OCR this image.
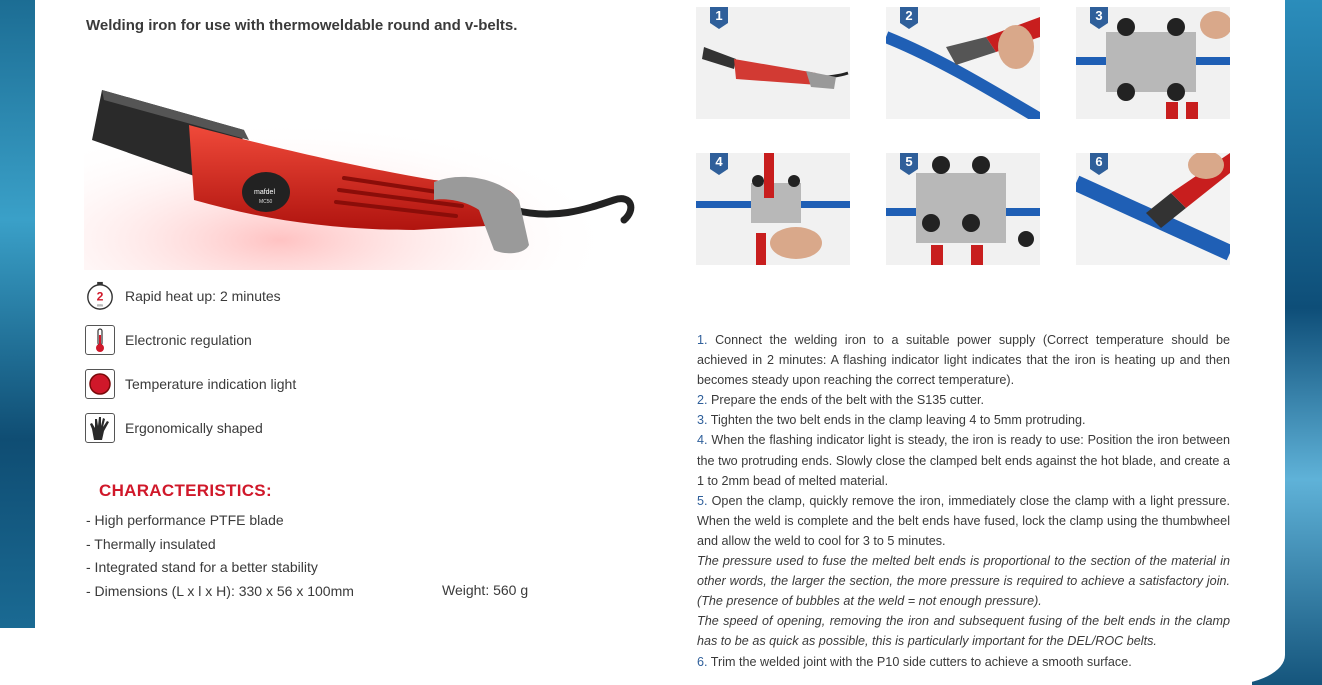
Welding iron for use with thermoweldable round and v-belts.
mafdel
MC50
2
min
Rapid heat up: 2 minutes
Electronic regulation
Temperature indication light
Ergonomically shaped
CHARACTERISTICS:
- High performance PTFE blade
- Thermally insulated
- Integrated stand for a better stability
- Dimensions (L x l x H): 330 x 56 x 100mm	Weight: 560 g
1	2	3
4	5	6

1. Connect the welding iron to a suitable power supply (Correct temperature should be achieved in 2 minutes: A flashing indicator light indicates that the iron is heating up and then becomes steady upon reaching the correct temperature).

2. Prepare the ends of the belt with the S135 cutter.

3. Tighten the two belt ends in the clamp leaving 4 to 5mm protruding.

4. When the flashing indicator light is steady, the iron is ready to use: Position the iron between the two protruding ends. Slowly close the clamped belt ends against the hot blade, and create a 1 to 2mm bead of melted material.

5. Open the clamp, quickly remove the iron, immediately close the clamp with a light pressure. When the weld is complete and the belt ends have fused, lock the clamp using the thumbwheel and allow the weld to cool for 3 to 5 minutes.

The pressure used to fuse the melted belt ends is proportional to the section of the material in other words, the larger the section, the more pressure is required to achieve a satisfactory join. (The presence of bubbles at the weld = not enough pressure).

The speed of opening, removing the iron and subsequent fusing of the belt ends in the clamp has to be as quick as possible, this is particularly important for the DEL/ROC belts.

6. Trim the welded joint with the P10 side cutters to achieve a smooth surface.
